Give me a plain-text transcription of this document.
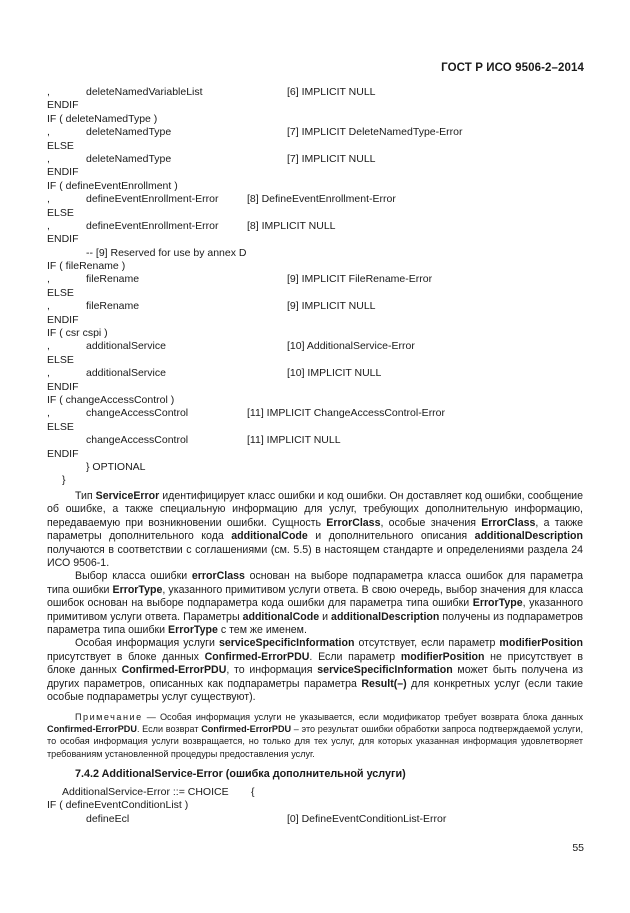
ГОСТ Р ИСО 9506-2–2014
,	deleteNamedVariableList	[6] IMPLICIT NULL
ENDIF
IF ( deleteNamedType )
,	deleteNamedType	[7] IMPLICIT DeleteNamedType-Error
ELSE
,	deleteNamedType	[7] IMPLICIT NULL
ENDIF
IF ( defineEventEnrollment )
,	defineEventEnrollment-Error	[8] DefineEventEnrollment-Error
ELSE
,	defineEventEnrollment-Error	[8] IMPLICIT NULL
ENDIF
-- [9] Reserved for use by annex D
IF ( fileRename )
,	fileRename	[9] IMPLICIT FileRename-Error
ELSE
,	fileRename	[9] IMPLICIT NULL
ENDIF
IF ( csr cspi )
,	additionalService	[10] AdditionalService-Error
ELSE
,	additionalService	[10] IMPLICIT NULL
ENDIF
IF ( changeAccessControl )
,	changeAccessControl	[11] IMPLICIT ChangeAccessControl-Error
ELSE
changeAccessControl	[11] IMPLICIT NULL
ENDIF
} OPTIONAL
}

Тип ServiceError идентифицирует класс ошибки и код ошибки. Он доставляет код ошибки, сообщение об ошибке, а также специальную информацию для услуг, требующих дополнительную информацию, передаваемую при возникновении ошибки. Сущность ErrorClass, особые значения ErrorClass, а также параметры дополнительного кода additionalCode и дополнительного описания additionalDescription получаются в соответствии с соглашениями (см. 5.5) в настоящем стандарте и определениями раздела 24 ИСО 9506-1.

Выбор класса ошибки errorClass основан на выборе подпараметра класса ошибок для параметра типа ошибки ErrorType, указанного примитивом услуги ответа. В свою очередь, выбор значения для класса ошибок основан на выборе подпараметра кода ошибки для параметра типа ошибки ErrorType, указанного примитивом услуги ответа. Параметры additionalCode и additionalDescription получены из подпараметров параметра типа ошибки ErrorType с тем же именем.

Особая информация услуги serviceSpecificInformation отсутствует, если параметр modifierPosition присутствует в блоке данных Confirmed-ErrorPDU. Если параметр modifierPosition не присутствует в блоке данных Confirmed-ErrorPDU, то информация serviceSpecificInformation может быть получена из других параметров, описанных как подпараметры параметра Result(–) для конкретных услуг (если такие особые подпараметры услуг существуют).

Примечание — Особая информация услуги не указывается, если модификатор требует возврата блока данных Confirmed-ErrorPDU. Если возврат Confirmed-ErrorPDU – это результат ошибки обработки запроса подтверждаемой услуги, то особая информация услуги возвращается, но только для тех услуг, для которых указанная информация удовлетворяет требованиям установленной процедуры предоставления услуг.

7.4.2 AdditionalService-Error (ошибка дополнительной услуги)
AdditionalService-Error ::= CHOICE {
IF ( defineEventConditionList )
defineEcl	[0] DefineEventConditionList-Error
55
